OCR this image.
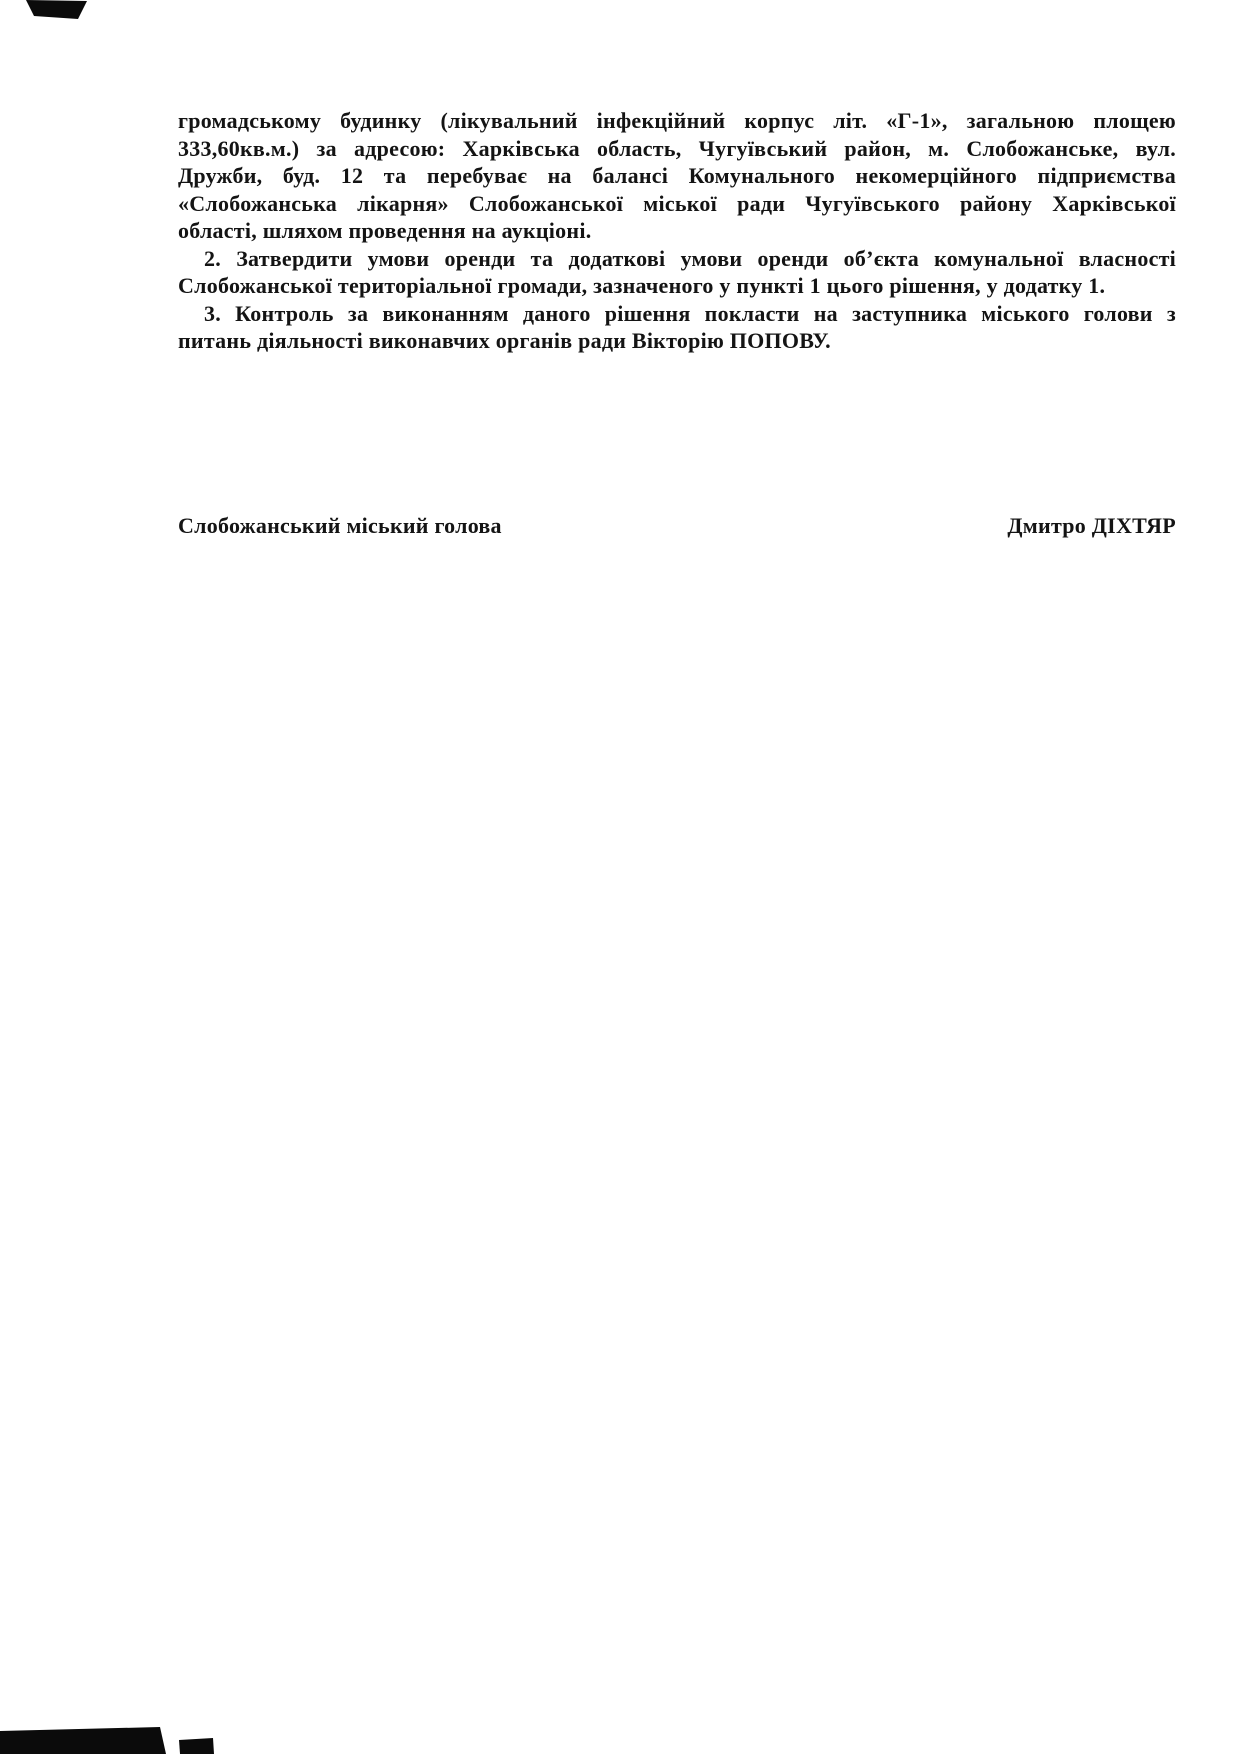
громадському будинку (лікувальний інфекційний корпус літ. «Г-1», загальною площею
333,60кв.м.) за адресою: Харківська область, Чугуївський район, м. Слобожанське, вул.
Дружби, буд. 12 та перебуває на балансі Комунального некомерційного підприємства
«Слобожанська лікарня» Слобожанської міської ради Чугуївського району Харківської
області, шляхом проведення на аукціоні.
2. Затвердити умови оренди та додаткові умови оренди об’єкта комунальної власності
Слобожанської територіальної громади, зазначеного у пункті 1 цього рішення, у додатку 1.
3. Контроль за виконанням даного рішення покласти на заступника міського голови з
питань діяльності виконавчих органів ради Вікторію ПОПОВУ.
Слобожанський міський голова	Дмитро ДІХТЯР
